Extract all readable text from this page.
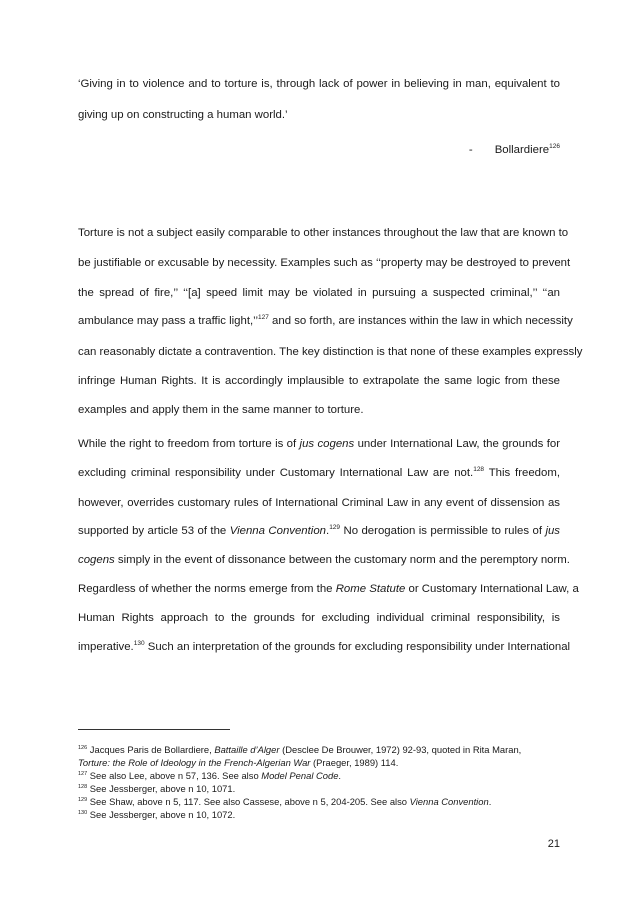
‘Giving in to violence and to torture is, through lack of power in believing in man, equivalent to
giving up on constructing a human world.’
- Bollardiere$^{126}$
Torture is not a subject easily comparable to other instances throughout the law that are known to
be justifiable or excusable by necessity. Examples such as ‘‘property may be destroyed to prevent
the spread of fire,’’ ‘‘[a] speed limit may be violated in pursuing a suspected criminal,’’ ‘‘an
ambulance may pass a traffic light,’’$^{127}$ and so forth, are instances within the law in which necessity
can reasonably dictate a contravention. The key distinction is that none of these examples expressly
infringe Human Rights. It is accordingly implausible to extrapolate the same logic from these
examples and apply them in the same manner to torture.
While the right to freedom from torture is of jus cogens under International Law, the grounds for
excluding criminal responsibility under Customary International Law are not.$^{128}$ This freedom,
however, overrides customary rules of International Criminal Law in any event of dissension as
supported by article 53 of the Vienna Convention.$^{129}$ No derogation is permissible to rules of jus
cogens simply in the event of dissonance between the customary norm and the peremptory norm.
Regardless of whether the norms emerge from the Rome Statute or Customary International Law, a
Human Rights approach to the grounds for excluding individual criminal responsibility, is
imperative.$^{130}$ Such an interpretation of the grounds for excluding responsibility under International
$^{126}$ Jacques Paris de Bollardiere, Battaille d’Alger (Desclee De Brouwer, 1972) 92-93, quoted in Rita Maran,
Torture: the Role of Ideology in the French-Algerian War (Praeger, 1989) 114.
$^{127}$ See also Lee, above n 57, 136. See also Model Penal Code.
$^{128}$ See Jessberger, above n 10, 1071.
$^{129}$ See Shaw, above n 5, 117. See also Cassese, above n 5, 204-205. See also Vienna Convention.
$^{130}$ See Jessberger, above n 10, 1072.
21
